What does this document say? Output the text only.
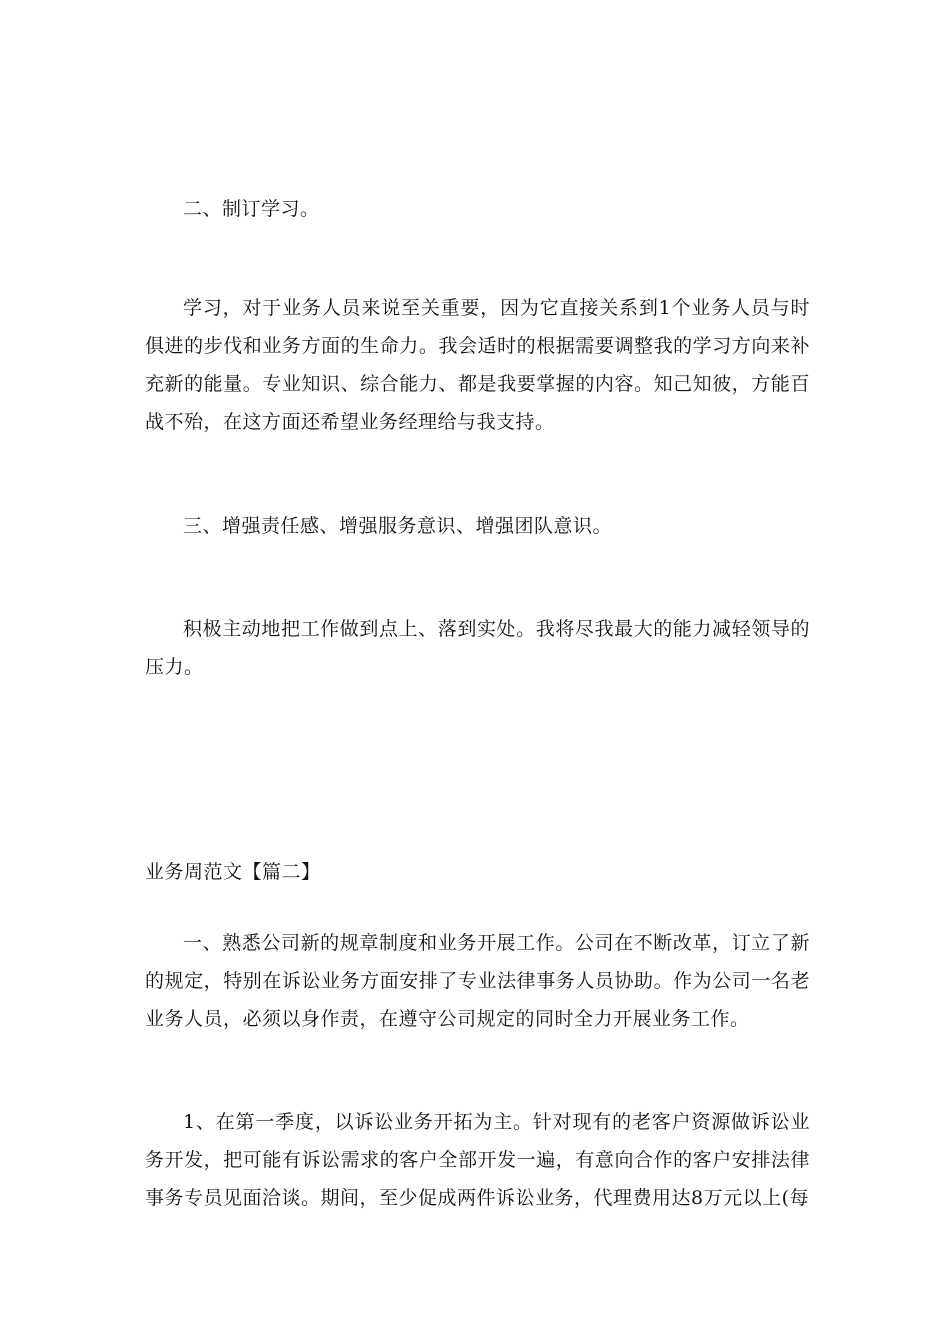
二、制订学习。

学习，对于业务人员来说至关重要，因为它直接关系到1个业务人员与时俱进的步伐和业务方面的生命力。我会适时的根据需要调整我的学习方向来补充新的能量。专业知识、综合能力、都是我要掌握的内容。知己知彼，方能百战不殆，在这方面还希望业务经理给与我支持。

三、增强责任感、增强服务意识、增强团队意识。

积极主动地把工作做到点上、落到实处。我将尽我最大的能力减轻领导的压力。

业务周范文【篇二】

一、熟悉公司新的规章制度和业务开展工作。公司在不断改革，订立了新的规定，特别在诉讼业务方面安排了专业法律事务人员协助。作为公司一名老业务人员，必须以身作责，在遵守公司规定的同时全力开展业务工作。

1、在第一季度，以诉讼业务开拓为主。针对现有的老客户资源做诉讼业务开发，把可能有诉讼需求的客户全部开发一遍，有意向合作的客户安排法律事务专员见面洽谈。期间，至少促成两件诉讼业务，代理费用达8万元以上(每
